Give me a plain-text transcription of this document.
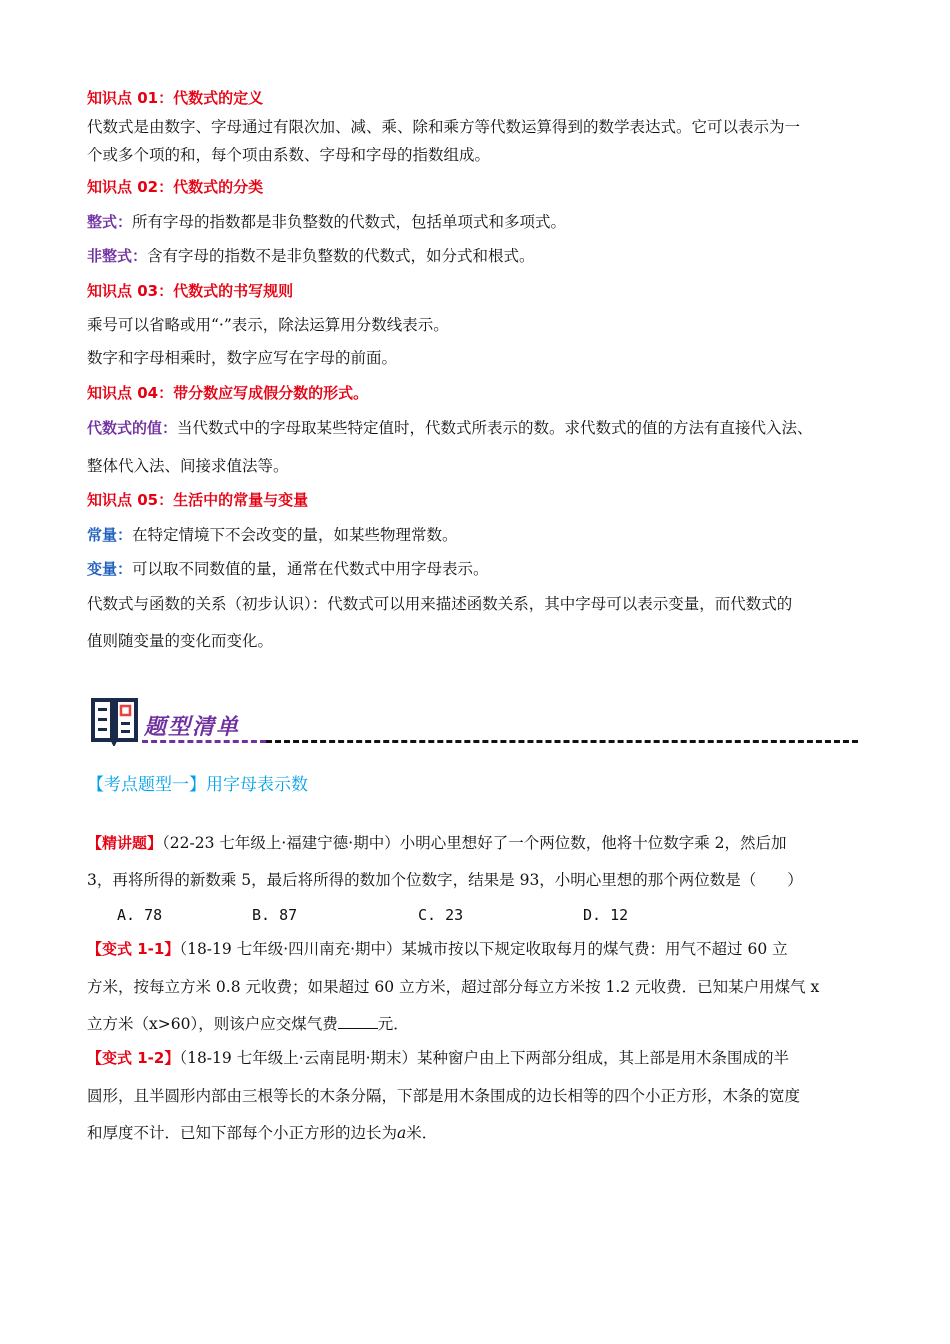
知识点 01：代数式的定义
代数式是由数字、字母通过有限次加、减、乘、除和乘方等代数运算得到的数学表达式。它可以表示为一
个或多个项的和，每个项由系数、字母和字母的指数组成。
知识点 02：代数式的分类
整式：所有字母的指数都是非负整数的代数式，包括单项式和多项式。
非整式：含有字母的指数不是非负整数的代数式，如分式和根式。
知识点 03：代数式的书写规则
乘号可以省略或用“·”表示，除法运算用分数线表示。
数字和字母相乘时，数字应写在字母的前面。
知识点 04：带分数应写成假分数的形式。
代数式的值：当代数式中的字母取某些特定值时，代数式所表示的数。求代数式的值的方法有直接代入法、
整体代入法、间接求值法等。
知识点 05：生活中的常量与变量
常量：在特定情境下不会改变的量，如某些物理常数。
变量：可以取不同数值的量，通常在代数式中用字母表示。
代数式与函数的关系（初步认识）：代数式可以用来描述函数关系，其中字母可以表示变量，而代数式的
值则随变量的变化而变化。
题型清单
【考点题型一】用字母表示数
【精讲题】（22-23 七年级上·福建宁德·期中）小明心里想好了一个两位数，他将十位数字乘 2，然后加
3，再将所得的新数乘 5，最后将所得的数加个位数字，结果是 93，小明心里想的那个两位数是（　　）
A. 78	B. 87	C. 23	D. 12
【变式 1-1】（18-19 七年级·四川南充·期中）某城市按以下规定收取每月的煤气费：用气不超过 60 立
方米，按每立方米 0.8 元收费；如果超过 60 立方米，超过部分每立方米按 1.2 元收费．已知某户用煤气 x
立方米（x>60），则该户应交煤气费	元．
【变式 1-2】（18-19 七年级上·云南昆明·期末）某种窗户由上下两部分组成，其上部是用木条围成的半
圆形，且半圆形内部由三根等长的木条分隔，下部是用木条围成的边长相等的四个小正方形，木条的宽度
和厚度不计．已知下部每个小正方形的边长为a米．
